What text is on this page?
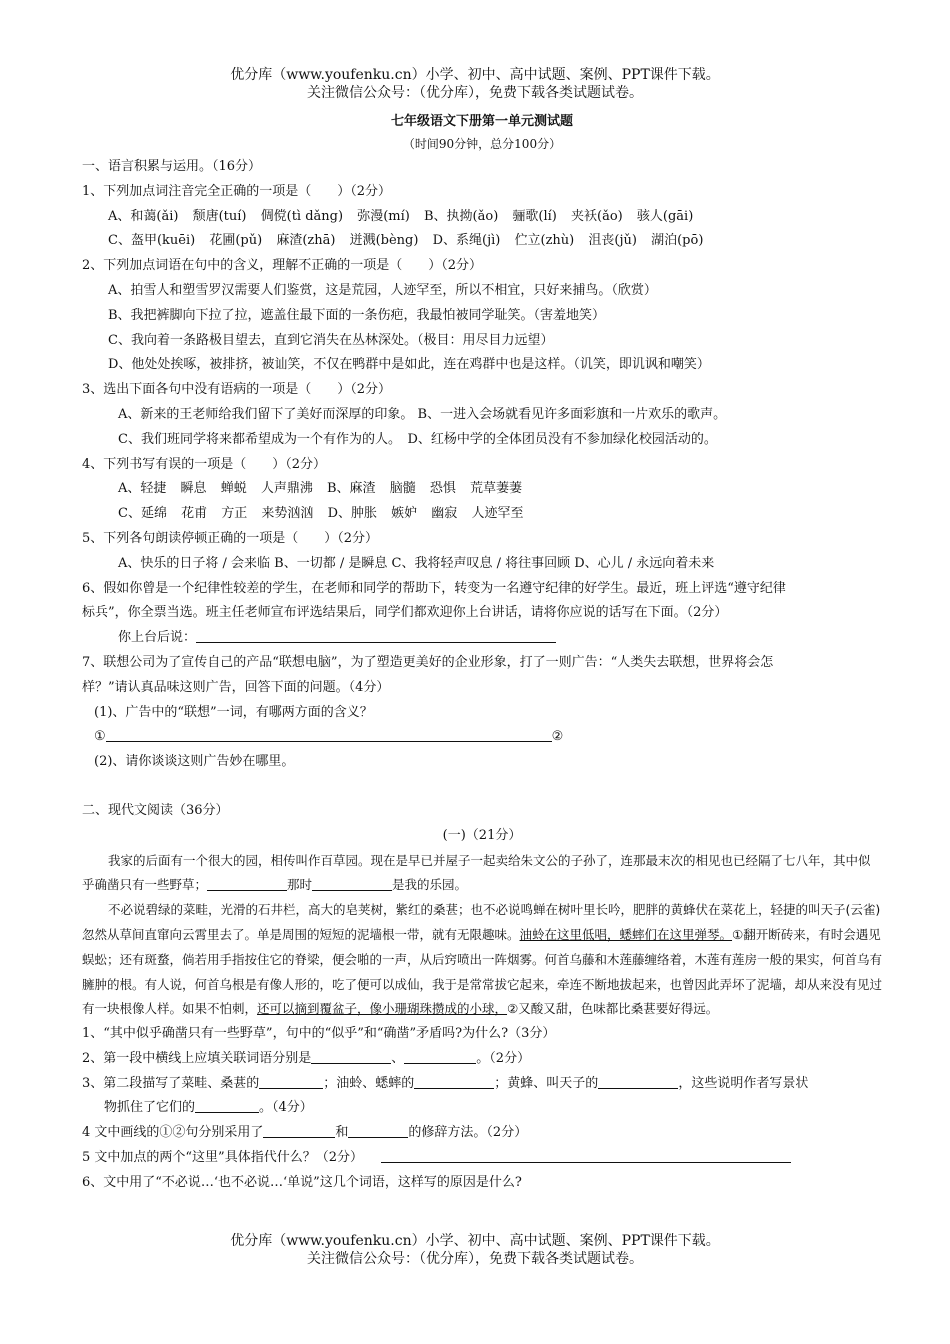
优分库（www.youfenku.cn）小学、初中、高中试题、案例、PPT课件下载。
关注微信公众号：（优分库），免费下载各类试题试卷。
七年级语文下册第一单元测试题
（时间90分钟，总分100分）
一、语言积累与运用。（16分）
1、下列加点词注音完全正确的一项是（　　）（2分）
A、和蔼(ǎi) 颓唐(tuí) 倜傥(tì dǎng) 弥漫(mí) B、执拗(ǎo) 骊歌(lí) 夹袄(ǎo) 骇人(gāi)
C、盔甲(kuēi) 花圃(pǔ) 麻渣(zhā) 迸溅(bèng) D、系绳(jì) 伫立(zhù) 沮丧(jǔ) 湖泊(pō)
2、下列加点词语在句中的含义，理解不正确的一项是（　　）（2分）
A、拍雪人和塑雪罗汉需要人们鉴赏，这是荒园，人迹罕至，所以不相宜，只好来捕鸟。（欣赏）
B、我把裤脚向下拉了拉，遮盖住最下面的一条伤疤，我最怕被同学耻笑。（害羞地笑）
C、我向着一条路极目望去，直到它消失在丛林深处。（极目：用尽目力远望）
D、他处处挨啄，被排挤，被讪笑，不仅在鸭群中是如此，连在鸡群中也是这样。（讥笑，即讥讽和嘲笑）
3、选出下面各句中没有语病的一项是（　　）（2分）
A、新来的王老师给我们留下了美好而深厚的印象。 B、一进入会场就看见许多面彩旗和一片欢乐的歌声。
C、我们班同学将来都希望成为一个有作为的人。　D、红杨中学的全体团员没有不参加绿化校园活动的。
4、下列书写有误的一项是（　　）（2分）
A、轻捷 瞬息 蝉蜕 人声鼎沸 B、麻渣 脑髓 恐惧 荒草萋萋
C、延绵 花甫 方正 来势汹汹 D、肿胀 嫉妒 幽寂 人迹罕至
5、下列各句朗读停顿正确的一项是（　　）（2分）
A、快乐的日子将 / 会来临 B、一切都 / 是瞬息 C、我将轻声叹息 / 将往事回顾 D、心儿 / 永远向着未来
6、假如你曾是一个纪律性较差的学生，在老师和同学的帮助下，转变为一名遵守纪律的好学生。最近，班上评选“遵守纪律
标兵”，你全票当选。班主任老师宣布评选结果后，同学们都欢迎你上台讲话，请将你应说的话写在下面。（2分）
你上台后说：
7、联想公司为了宣传自己的产品“联想电脑”，为了塑造更美好的企业形象，打了一则广告：“人类失去联想，世界将会怎
样？”请认真品味这则广告，回答下面的问题。（4分）
(1)、广告中的“联想”一词，有哪两方面的含义？
①	②
(2)、请你谈谈这则广告妙在哪里。
二、现代文阅读（36分）
(一)（21分）
我家的后面有一个很大的园，相传叫作百草园。现在是早已并屋子一起卖给朱文公的子孙了，连那最末次的相见也已经隔了七八年，其中似乎确凿只有一些野草；	那时	是我的乐园。
不必说碧绿的菜畦，光滑的石井栏，高大的皂荚树，紫红的桑葚；也不必说鸣蝉在树叶里长吟，肥胖的黄蜂伏在菜花上，轻捷的叫天子(云雀)忽然从草间直窜向云霄里去了。单是周围的短短的泥墙根一带，就有无限趣味。油蛉在这里低唱，蟋蟀们在这里弹琴。①翻开断砖来，有时会遇见蜈蚣；还有斑蝥，倘若用手指按住它的脊梁，便会啪的一声，从后窍喷出一阵烟雾。何首乌藤和木莲藤缠络着，木莲有莲房一般的果实，何首乌有臃肿的根。有人说，何首乌根是有像人形的，吃了便可以成仙，我于是常常拔它起来，牵连不断地拔起来，也曾因此弄坏了泥墙，却从来没有见过有一块根像人样。如果不怕刺，还可以摘到覆盆子，像小珊瑚珠攒成的小球，②又酸又甜，色味都比桑葚要好得远。
1、“其中似乎确凿只有一些野草”，句中的“似乎”和“确凿”矛盾吗?为什么?（3分）
2、第一段中横线上应填关联词语分别是	、	。（2分）
3、第二段描写了菜畦、桑葚的	；油蛉、蟋蟀的	；黄蜂、叫天子的	，这些说明作者写景状
物抓住了它们的	。（4分）
4 文中画线的①②句分别采用了	和	的修辞方法。（2分）
5 文中加点的两个“这里”具体指代什么？（2分）
6、文中用了“不必说…‘也不必说…‘单说”这几个词语，这样写的原因是什么?
优分库（www.youfenku.cn）小学、初中、高中试题、案例、PPT课件下载。
关注微信公众号：（优分库），免费下载各类试题试卷。
